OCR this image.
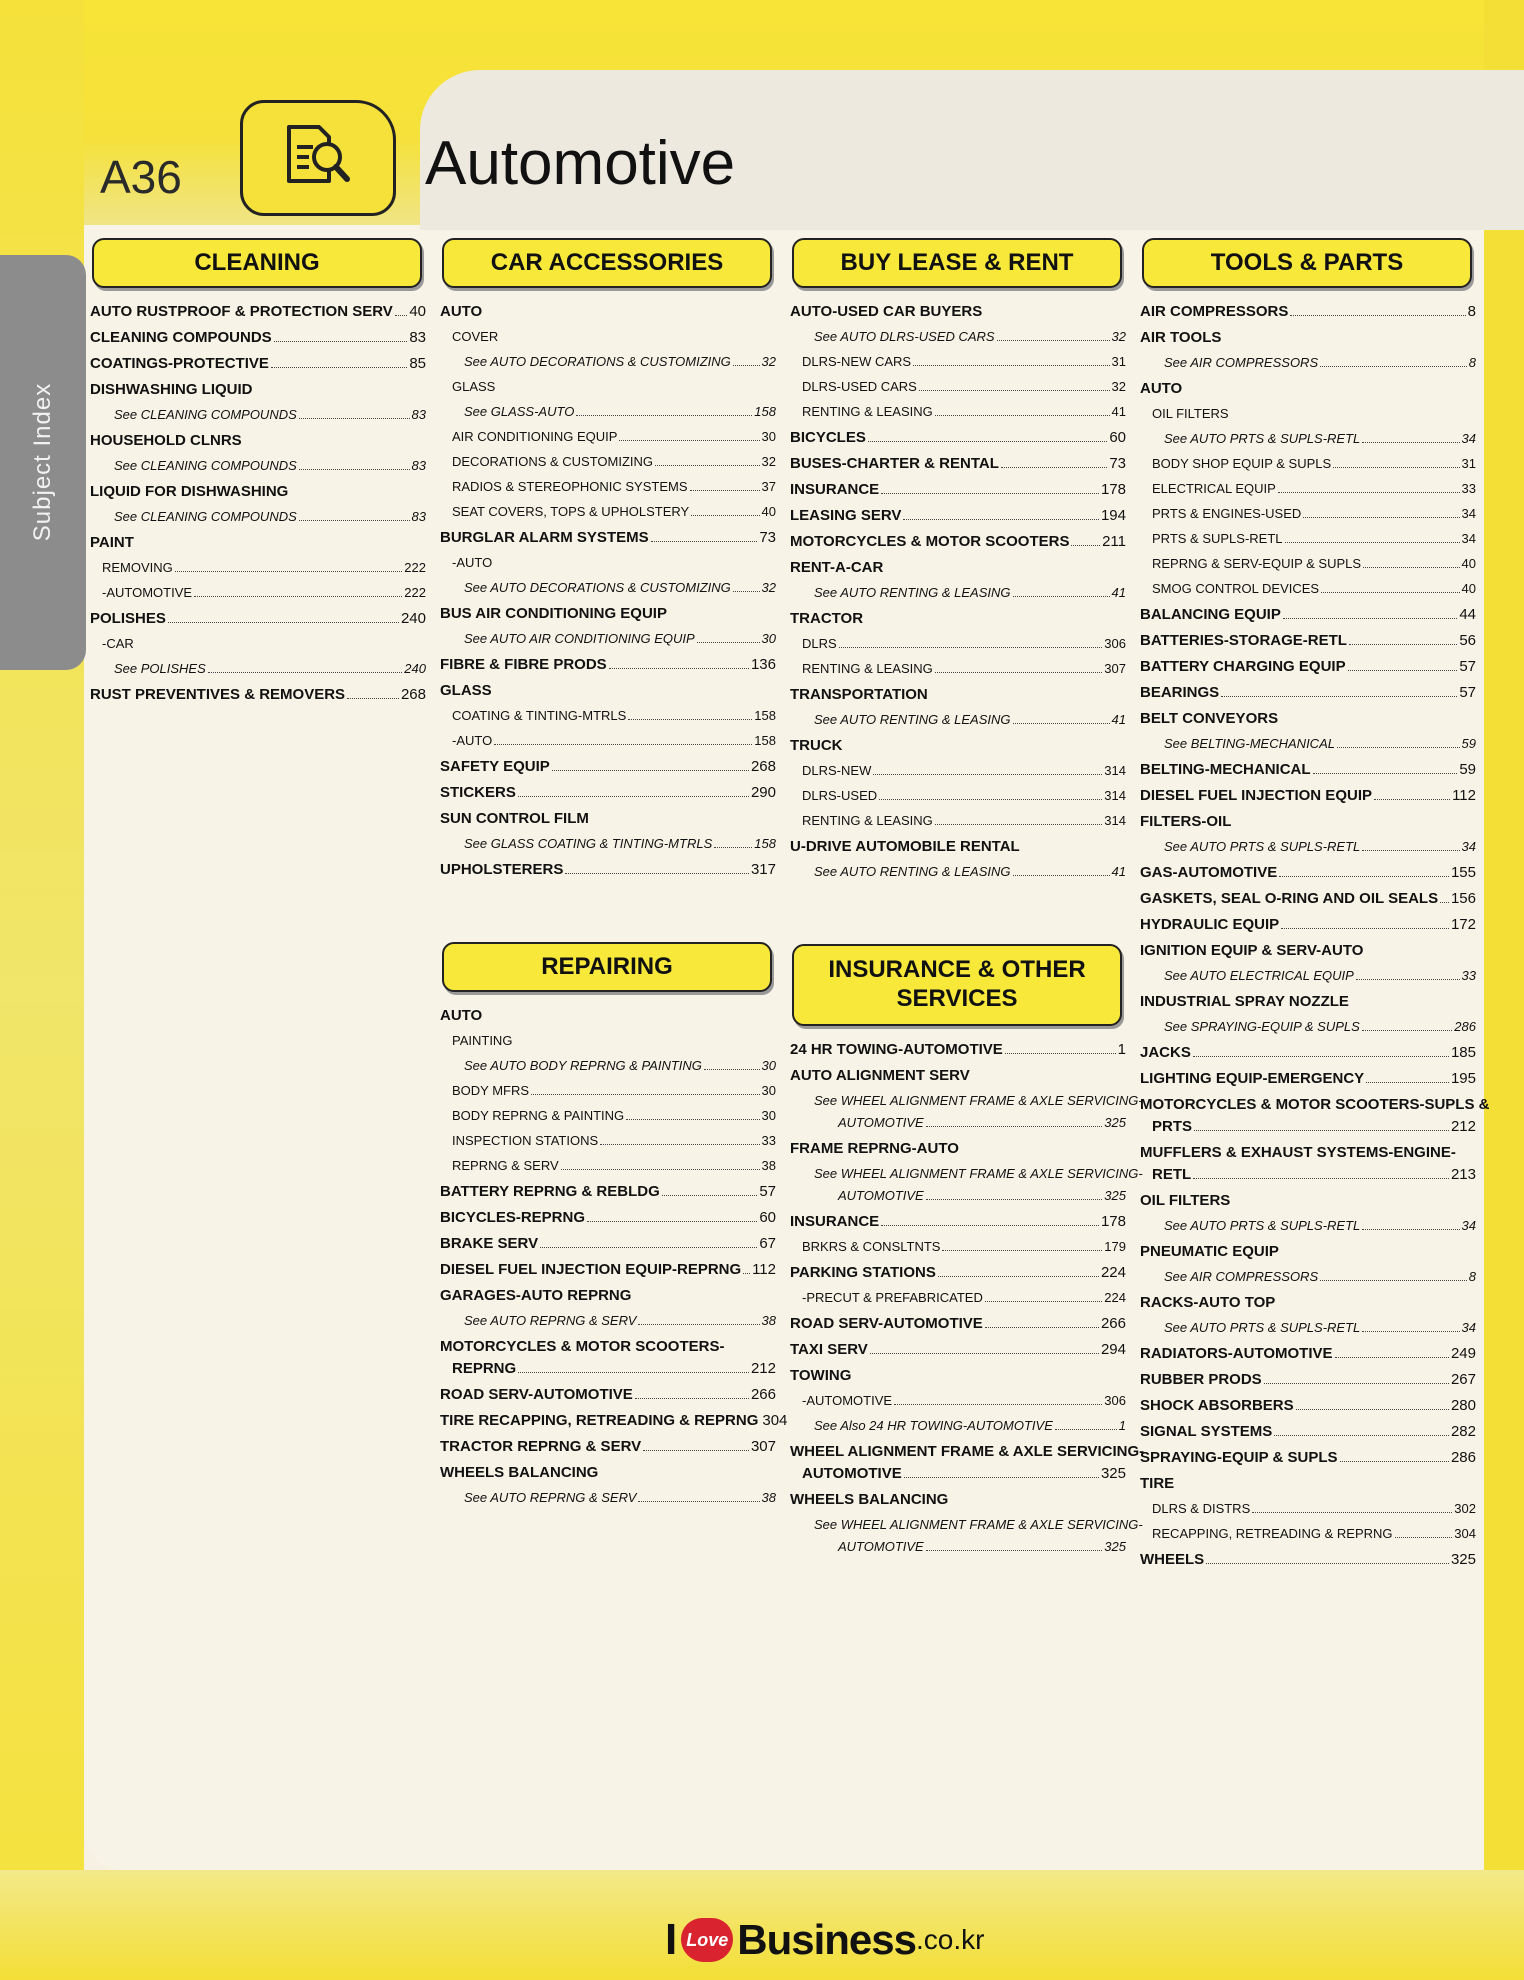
Subject Index
A36	Automotive
CLEANING
AUTO RUSTPROOF & PROTECTION SERV 40
CLEANING COMPOUNDS	83
COATINGS-PROTECTIVE	85
DISHWASHING LIQUID
See CLEANING COMPOUNDS	83
HOUSEHOLD CLNRS
See CLEANING COMPOUNDS	83
LIQUID FOR DISHWASHING
See CLEANING COMPOUNDS	83
PAINT
REMOVING	222
-AUTOMOTIVE	222
POLISHES	240
-CAR
See POLISHES	240
RUST PREVENTIVES & REMOVERS	268
CAR ACCESSORIES
AUTO
COVER
See AUTO DECORATIONS & CUSTOMIZING 32
GLASS
See GLASS-AUTO	158
AIR CONDITIONING EQUIP	30
DECORATIONS & CUSTOMIZING	32
RADIOS & STEREOPHONIC SYSTEMS	37
SEAT COVERS, TOPS & UPHOLSTERY	40
BURGLAR ALARM SYSTEMS	73
-AUTO
See AUTO DECORATIONS & CUSTOMIZING 32
BUS AIR CONDITIONING EQUIP
See AUTO AIR CONDITIONING EQUIP	30
FIBRE & FIBRE PRODS	136
GLASS
COATING & TINTING-MTRLS	158
-AUTO	158
SAFETY EQUIP	268
STICKERS	290
SUN CONTROL FILM
See GLASS COATING & TINTING-MTRLS	158
UPHOLSTERERS	317
REPAIRING
AUTO
PAINTING
See AUTO BODY REPRNG & PAINTING	30
BODY MFRS	30
BODY REPRNG & PAINTING	30
INSPECTION STATIONS	33
REPRNG & SERV	38
BATTERY REPRNG & REBLDG	57
BICYCLES-REPRNG	60
BRAKE SERV	67
DIESEL FUEL INJECTION EQUIP-REPRNG 112
GARAGES-AUTO REPRNG
See AUTO REPRNG & SERV	38
MOTORCYCLES & MOTOR SCOOTERS-
REPRNG	212
ROAD SERV-AUTOMOTIVE	266
TIRE RECAPPING, RETREADING & REPRNG 304
TRACTOR REPRNG & SERV	307
WHEELS BALANCING
See AUTO REPRNG & SERV	38
BUY LEASE & RENT
AUTO-USED CAR BUYERS
See AUTO DLRS-USED CARS	32
DLRS-NEW CARS	31
DLRS-USED CARS	32
RENTING & LEASING	41
BICYCLES	60
BUSES-CHARTER & RENTAL	73
INSURANCE	178
LEASING SERV	194
MOTORCYCLES & MOTOR SCOOTERS 211
RENT-A-CAR
See AUTO RENTING & LEASING	41
TRACTOR
DLRS	306
RENTING & LEASING	307
TRANSPORTATION
See AUTO RENTING & LEASING	41
TRUCK
DLRS-NEW	314
DLRS-USED	314
RENTING & LEASING	314
U-DRIVE AUTOMOBILE RENTAL
See AUTO RENTING & LEASING	41
INSURANCE & OTHER SERVICES
24 HR TOWING-AUTOMOTIVE	1
AUTO ALIGNMENT SERV
See WHEEL ALIGNMENT FRAME & AXLE SERVICING-
AUTOMOTIVE	325
FRAME REPRNG-AUTO
See WHEEL ALIGNMENT FRAME & AXLE SERVICING-
AUTOMOTIVE	325
INSURANCE	178
BRKRS & CONSLTNTS	179
PARKING STATIONS	224
-PRECUT & PREFABRICATED	224
ROAD SERV-AUTOMOTIVE	266
TAXI SERV	294
TOWING
-AUTOMOTIVE	306
See Also 24 HR TOWING-AUTOMOTIVE	1
WHEEL ALIGNMENT FRAME & AXLE SERVICING-
AUTOMOTIVE	325
WHEELS BALANCING
See WHEEL ALIGNMENT FRAME & AXLE SERVICING-
AUTOMOTIVE	325
TOOLS & PARTS
AIR COMPRESSORS	8
AIR TOOLS
See AIR COMPRESSORS	8
AUTO
OIL FILTERS
See AUTO PRTS & SUPLS-RETL	34
BODY SHOP EQUIP & SUPLS	31
ELECTRICAL EQUIP	33
PRTS & ENGINES-USED	34
PRTS & SUPLS-RETL	34
REPRNG & SERV-EQUIP & SUPLS	40
SMOG CONTROL DEVICES	40
BALANCING EQUIP	44
BATTERIES-STORAGE-RETL	56
BATTERY CHARGING EQUIP	57
BEARINGS	57
BELT CONVEYORS
See BELTING-MECHANICAL	59
BELTING-MECHANICAL	59
DIESEL FUEL INJECTION EQUIP	112
FILTERS-OIL
See AUTO PRTS & SUPLS-RETL	34
GAS-AUTOMOTIVE	155
GASKETS, SEAL O-RING AND OIL SEALS 156
HYDRAULIC EQUIP	172
IGNITION EQUIP & SERV-AUTO
See AUTO ELECTRICAL EQUIP	33
INDUSTRIAL SPRAY NOZZLE
See SPRAYING-EQUIP & SUPLS	286
JACKS	185
LIGHTING EQUIP-EMERGENCY	195
MOTORCYCLES & MOTOR SCOOTERS-SUPLS &
PRTS	212
MUFFLERS & EXHAUST SYSTEMS-ENGINE-
RETL	213
OIL FILTERS
See AUTO PRTS & SUPLS-RETL	34
PNEUMATIC EQUIP
See AIR COMPRESSORS	8
RACKS-AUTO TOP
See AUTO PRTS & SUPLS-RETL	34
RADIATORS-AUTOMOTIVE	249
RUBBER PRODS	267
SHOCK ABSORBERS	280
SIGNAL SYSTEMS	282
SPRAYING-EQUIP & SUPLS	286
TIRE
DLRS & DISTRS	302
RECAPPING, RETREADING & REPRNG	304
WHEELS	325
I Love Business .co.kr
